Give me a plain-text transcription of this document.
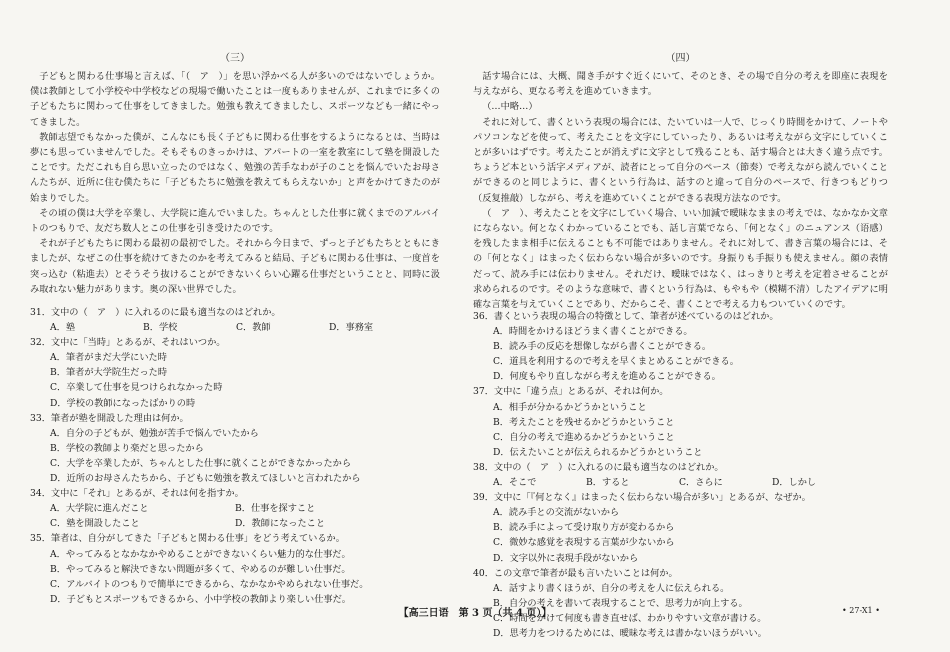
（三）

子どもと関わる仕事場と言えば、「（　ア　）」を思い浮かべる人が多いのではないでしょうか。僕は教師として小学校や中学校などの現場で働いたことは一度もありませんが、これまでに多くの子どもたちに関わって仕事をしてきました。勉強も教えてきましたし、スポーツなども一緒にやってきました。

教師志望でもなかった僕が、こんなにも長く子どもに関わる仕事をするようになるとは、当時は夢にも思っていませんでした。そもそものきっかけは、アパートの一室を教室にして塾を開設したことです。ただこれも自ら思い立ったのではなく、勉強の苦手なわが子のことを悩んでいたお母さんたちが、近所に住む僕たちに「子どもたちに勉強を教えてもらえないか」と声をかけてきたのが始まりでした。

その頃の僕は大学を卒業し、大学院に進んでいました。ちゃんとした仕事に就くまでのアルバイトのつもりで、友だち数人とこの仕事を引き受けたのです。

それが子どもたちに関わる最初の最初でした。それから今日まで、ずっと子どもたちとともにきましたが、なぜこの仕事を続けてきたのかを考えてみると結局、子どもに関わる仕事は、一度首を突っ込む（粘進去）とそうそう抜けることができないくらい心躍る仕事だということと、同時に汲み取れない魅力があります。奥の深い世界でした。

31．文中の（　ア　）に入れるのに最も適当なのはどれか。
A．塾	B．学校	C．教師	D．事務室
32．文中に「当時」とあるが、それはいつか。
A．筆者がまだ大学にいた時
B．筆者が大学院生だった時
C．卒業して仕事を見つけられなかった時
D．学校の教師になったばかりの時
33．筆者が塾を開設した理由は何か。
A．自分の子どもが、勉強が苦手で悩んでいたから
B．学校の教師より楽だと思ったから
C．大学を卒業したが、ちゃんとした仕事に就くことができなかったから
D．近所のお母さんたちから、子どもに勉強を教えてほしいと言われたから
34．文中に「それ」とあるが、それは何を指すか。
A．大学院に進んだこと	B．仕事を探すこと
C．塾を開設したこと	D．教師になったこと
35．筆者は、自分がしてきた「子どもと関わる仕事」をどう考えているか。
A．やってみるとなかなかやめることができないくらい魅力的な仕事だ。
B．やってみると解決できない問題が多くて、やめるのが難しい仕事だ。
C．アルバイトのつもりで簡単にできるから、なかなかやめられない仕事だ。
D．子どもとスポーツもできるから、小中学校の教師より楽しい仕事だ。
（四）

話す場合には、大概、聞き手がすぐ近くにいて、そのとき、その場で自分の考えを即座に表現を与えながら、更なる考えを進めていきます。

（…中略…）

それに対して、書くという表現の場合には、たいていは一人で、じっくり時間をかけて、ノートやパソコンなどを使って、考えたことを文字にしていったり、あるいは考えながら文字にしていくことが多いはずです。考えたことが消えずに文字として残ることも、話す場合とは大きく違う点です。ちょうど本という活字メディアが、読者にとって自分のペース（節奏）で考えながら読んでいくことができるのと同じように、書くという行為は、話すのと違って自分のペースで、行きつもどりつ（反复推敲）しながら、考えを進めていくことができる表現方法なのです。

（　ア　）、考えたことを文字にしていく場合、いい加減で曖昧なままの考えでは、なかなか文章にならない。何となくわかっていることでも、話し言葉でなら、「何となく」のニュアンス（语感）を残したまま相手に伝えることも不可能ではありません。それに対して、書き言葉の場合には、その「何となく」はまったく伝わらない場合が多いのです。身振りも手振りも使えません。顔の表情だって、読み手には伝わりません。それだけ、曖昧ではなく、はっきりと考えを定着させることが求められるのです。そのような意味で、書くという行為は、もやもや（模糊不清）したアイデアに明確な言葉を与えていくことであり、だからこそ、書くことで考える力もついていくのです。

36．書くという表現の場合の特徴として、筆者が述べているのはどれか。
A．時間をかけるほどうまく書くことができる。
B．読み手の反応を想像しながら書くことができる。
C．道具を利用するので考えを早くまとめることができる。
D．何度もやり直しながら考えを進めることができる。
37．文中に「違う点」とあるが、それは何か。
A．相手が分かるかどうかということ
B．考えたことを残せるかどうかということ
C．自分の考えで進めるかどうかということ
D．伝えたいことが伝えられるかどうかということ
38．文中の（　ア　）に入れるのに最も適当なのはどれか。
A．そこで	B．すると	C．さらに	D．しかし
39．文中に「『何となく』はまったく伝わらない場合が多い」とあるが、なぜか。
A．読み手との交流がないから
B．読み手によって受け取り方が変わるから
C．微妙な感覚を表現する言葉が少ないから
D．文字以外に表現手段がないから
40．この文章で筆者が最も言いたいことは何か。
A．話すより書くほうが、自分の考えを人に伝えられる。
B．自分の考えを書いて表現することで、思考力が向上する。
C．時間をかけて何度も書き直せば、わかりやすい文章が書ける。
D．思考力をつけるためには、曖昧な考えは書かないほうがいい。
【高三日语　第 3 页（共 4 页）】	• 27-X1 •
